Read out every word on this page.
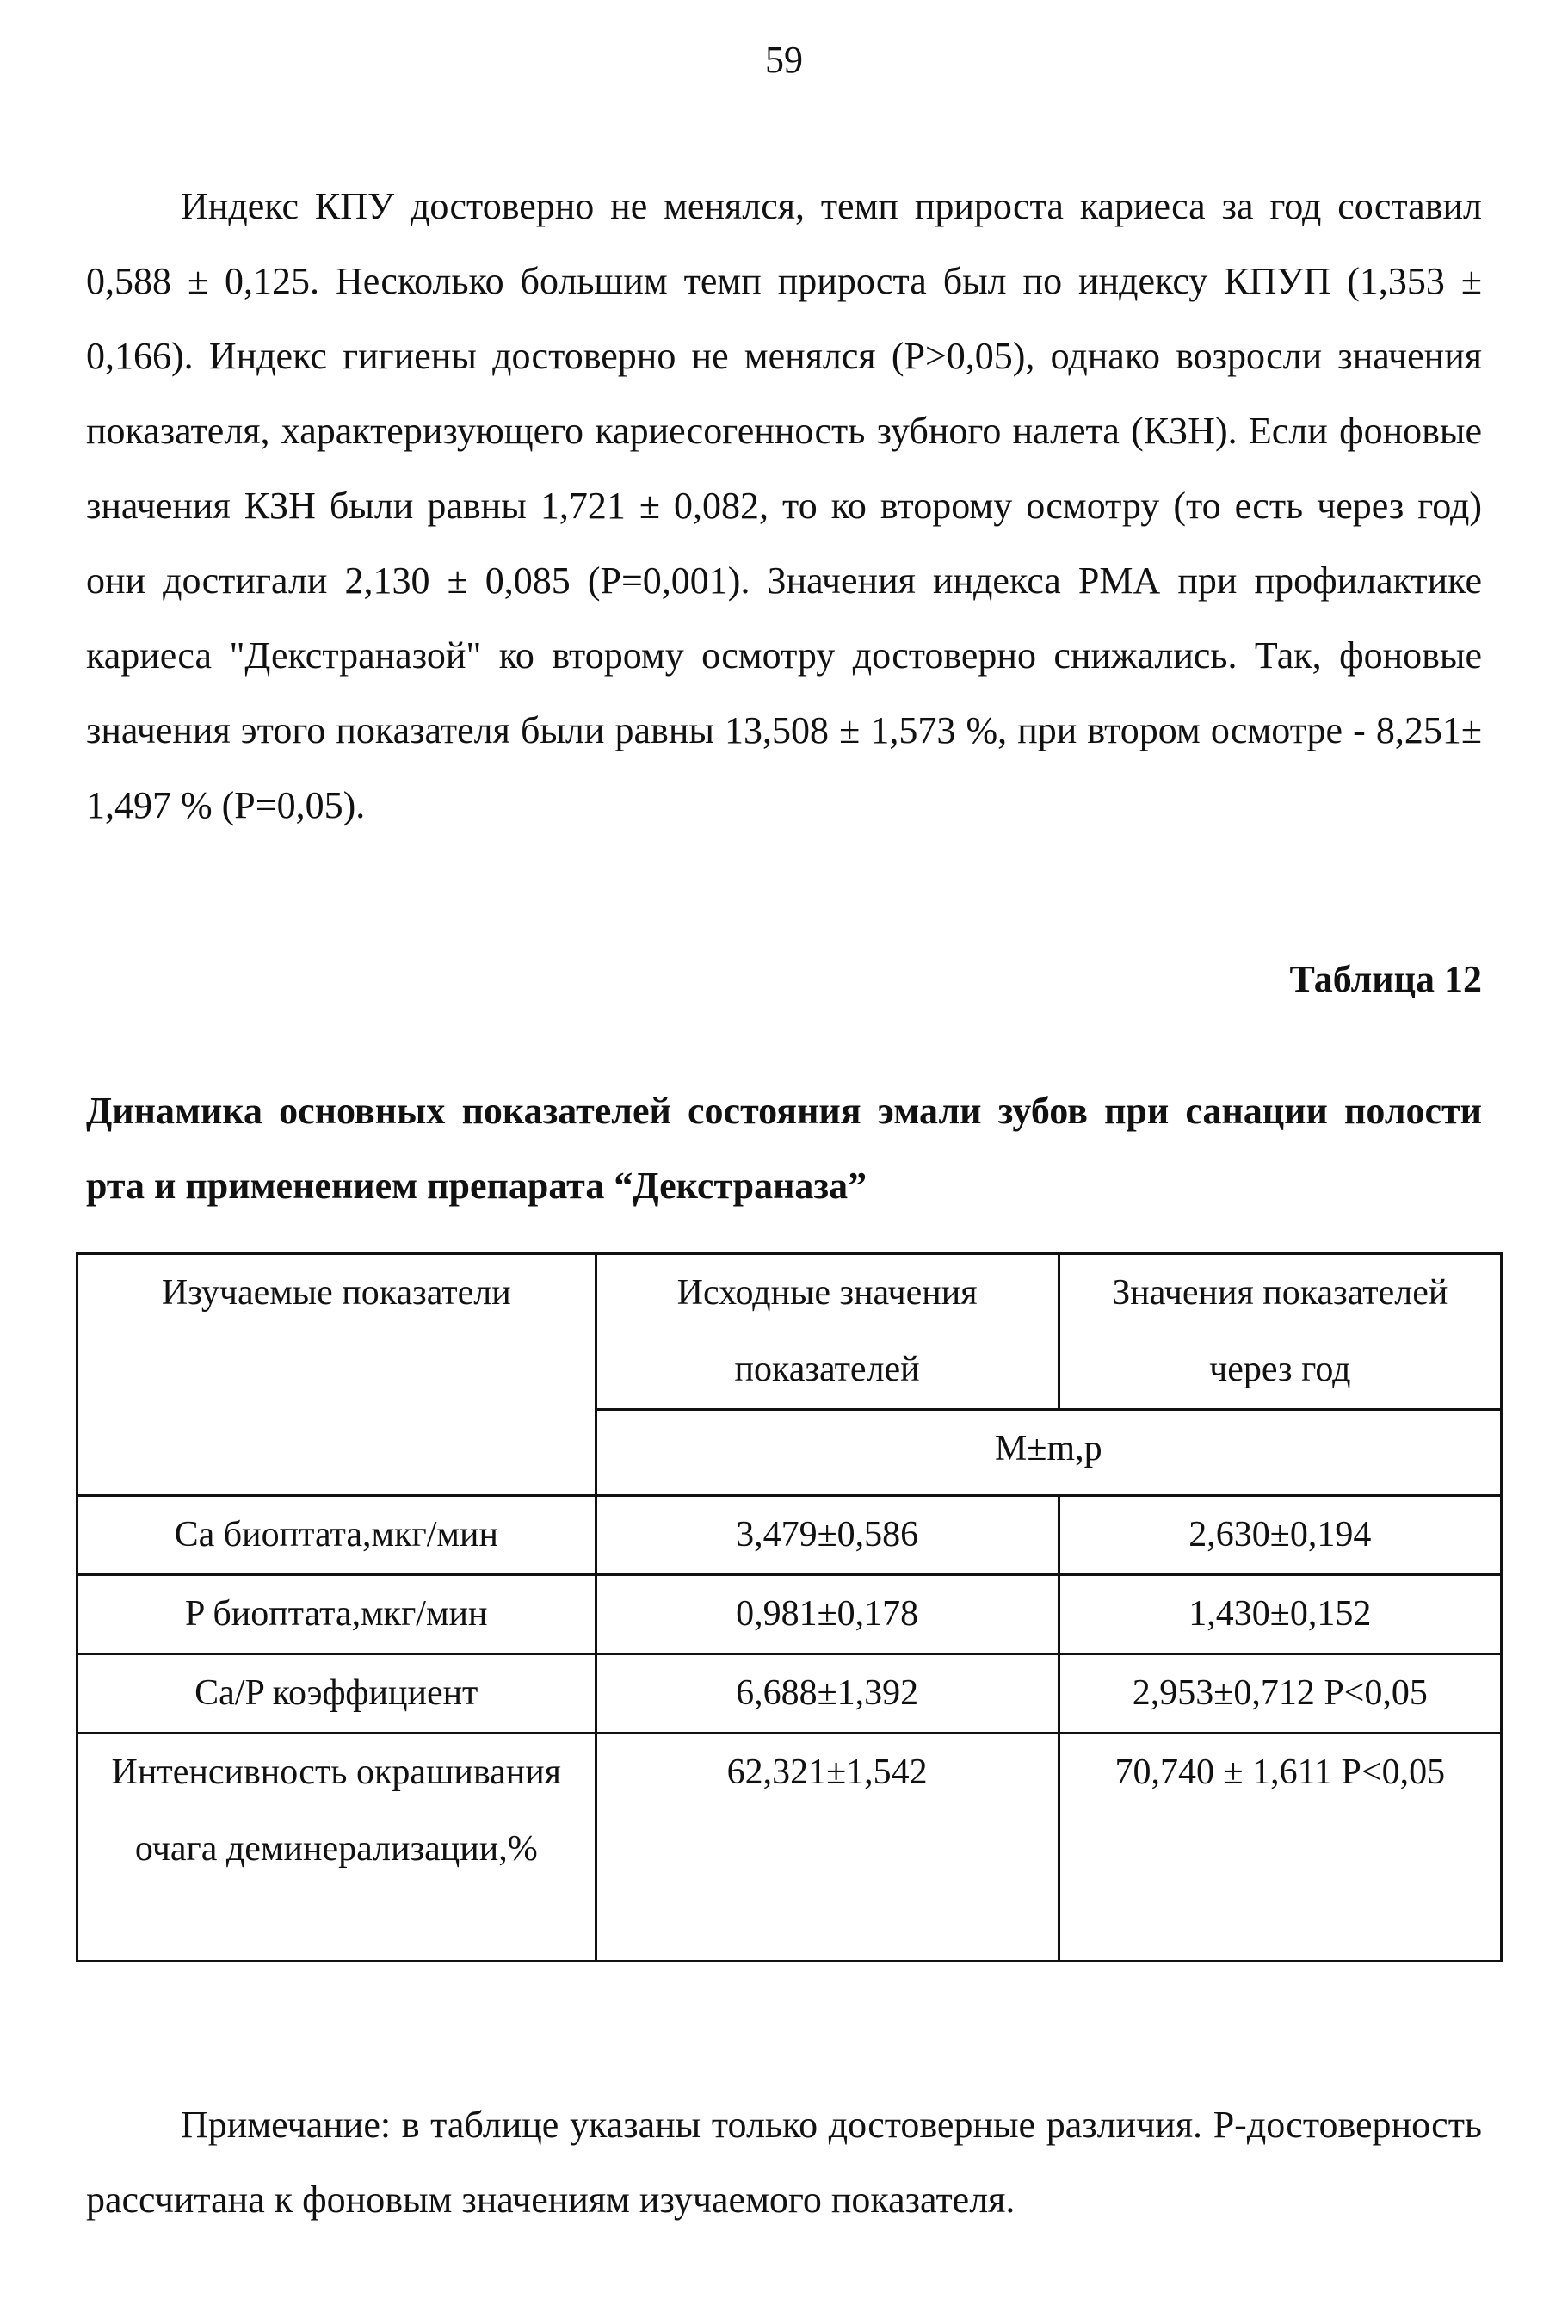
59

Индекс КПУ достоверно не менялся, темп прироста кариеса за год составил 0,588 ± 0,125. Несколько большим темп прироста был по индексу КПУП (1,353 ± 0,166). Индекс гигиены достоверно не менялся (Р>0,05), однако возросли значения показателя, характеризующего кариесогенность зубного налета (КЗН). Если фоновые значения КЗН были равны 1,721 ± 0,082, то ко второму осмотру (то есть через год) они достигали 2,130 ± 0,085 (Р=0,001). Значения индекса РМА при профилактике кариеса "Декстраназой" ко второму осмотру достоверно снижались. Так, фоновые значения этого показателя были равны 13,508 ± 1,573 %, при втором осмотре - 8,251± 1,497 % (Р=0,05).

Таблица 12
Динамика основных показателей состояния эмали зубов при санации полости рта и применением препарата “Декстраназа”
Изучаемые показатели	Исходные значения показателей	Значения показателей через год
	M±m,p	
Ca биоптата,мкг/мин	3,479±0,586	2,630±0,194
P биоптата,мкг/мин	0,981±0,178	1,430±0,152
Ca/P коэффициент	6,688±1,392	2,953±0,712 P<0,05
Интенсивность окрашивания очага деминерализации,%	62,321±1,542	70,740 ± 1,611 P<0,05

Примечание: в таблице указаны только достоверные различия. Р-достоверность рассчитана к фоновым значениям изучаемого показателя.
